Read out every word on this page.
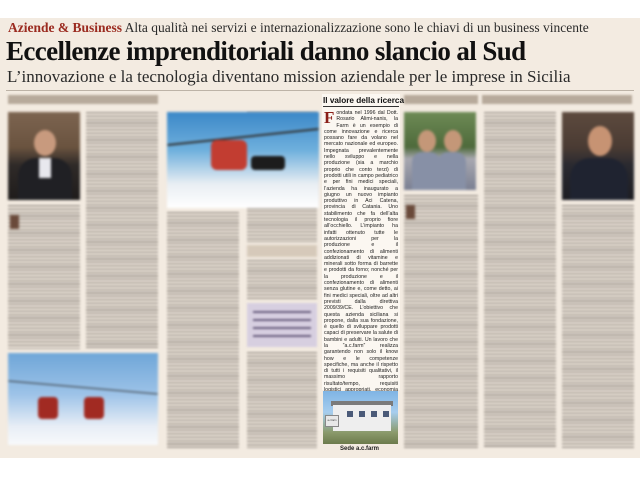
Aziende & Business Alta qualità nei servizi e internazionalizzazione sono le chiavi di un business vincente
Eccellenze imprenditoriali danno slancio al Sud
L’innovazione e la tecnologia diventano mission aziendale per le imprese in Sicilia
Il valore della ricerca
Fondata nel 1996 dal Dott. Rosario Alimi-nanis, la Farm è un esempio di come innovazione e ricerca possano fare da volano nel mercato nazionale ed europeo. Impegnata prevalentemente nello sviluppo e nella produzione (sia a marchio proprio che conto terzi) di prodotti utili in campo pediatrico e per fini medici speciali, l’azienda ha inaugurato a giugno un nuovo impianto produttivo in Aci Catena, provincia di Catania. Uno stabilimento che fa dell’alta tecnologia il proprio fiore all’occhiello. L’impianto ha infatti ottenuto tutte le autorizzazioni per la produzione e il confezionamento di alimenti addizionati di vitamine e minerali sotto forma di barrette e prodotti da forno; nonché per la produzione e il confezionamento di alimenti senza glutine e, come detto, ai fini medici speciali, oltre ad altri previsti dalla direttiva 2009/39/CE. L’obiettivo che questa azienda siciliana si propone, dalla sua fondazione, è quello di sviluppare prodotti capaci di preservare la salute di bambini e adulti. Un lavoro che la “a.c.farm” realizza garantendo non solo il know how e le competenze specifiche, ma anche il rispetto di tutti i requisiti qualitativi, il massimo rapporto risultato/tempo, requisiti
a.c.farm
Sede a.c.farm
